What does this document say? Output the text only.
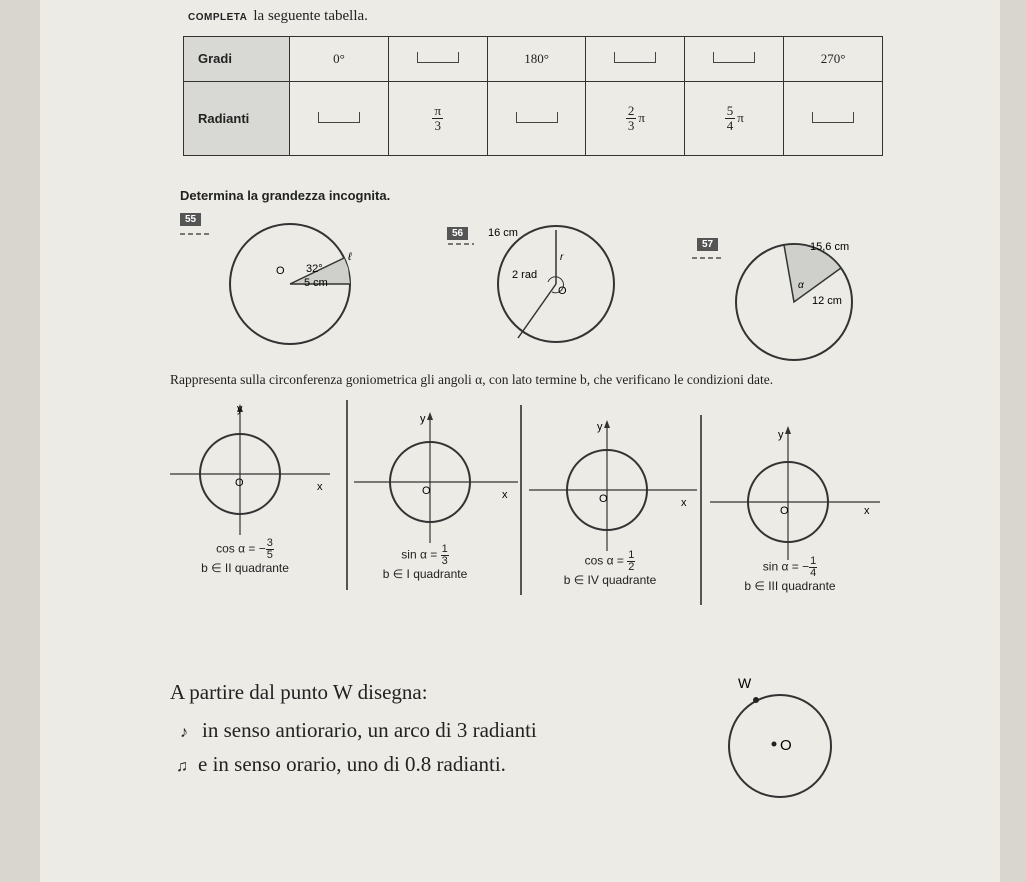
COMPLETA la seguente tabella.
Gradi	0°		180°			270°
Radianti		$\frac{\pi}{3}$		$\frac{2}{3}$ π	$\frac{5}{4}$ π	
Determina la grandezza incognita.
55
O 32°
5 cm
ℓ
56	16 cm
2 rad
r
O
57	15,6 cm
α
12 cm
Rappresenta sulla circonferenza goniometrica gli angoli α, con lato termine b, che verificano le condizioni date.
y
x
O
cos α = − $\frac{3}{5}$
b ∈ II quadrante
y
x
O
$\sin \alpha = \frac{1}{3}$
b ∈ I quadrante
y
x
O
$\cos \alpha = \frac{1}{2}$
b ∈ IV quadrante
y
x
O
sin α = − $\frac{1}{4}$
b ∈ III quadrante
A partire dal punto W disegna:
♪ in senso antiorario, un arco di 3 radianti
♫ e in senso orario, uno di 0.8 radianti.
W
O
